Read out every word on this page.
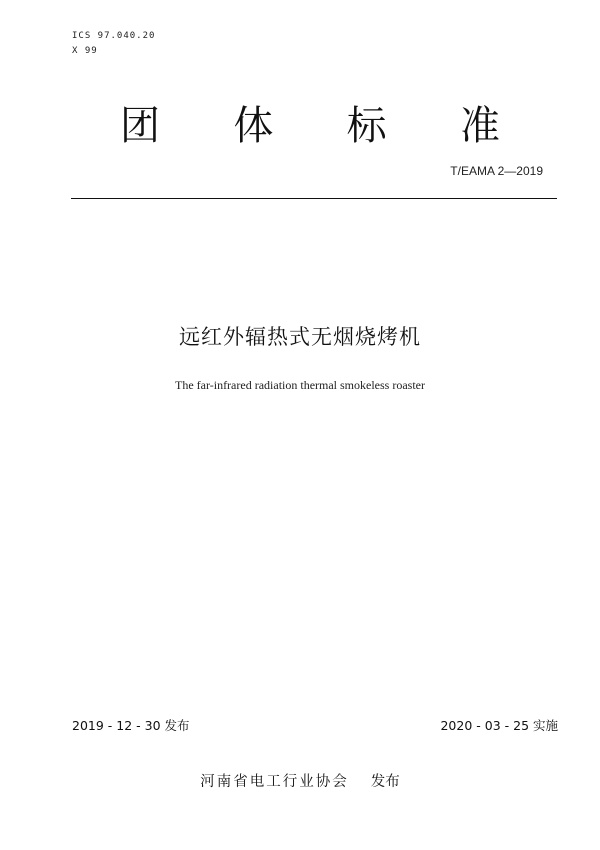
ICS 97.040.20
X 99
团 体 标 准
T/EAMA 2—2019
远红外辐热式无烟烧烤机
The far-infrared radiation thermal smokeless roaster
2019 - 12 - 30 发布	2020 - 03 - 25 实施
河南省电工行业协会 发布
